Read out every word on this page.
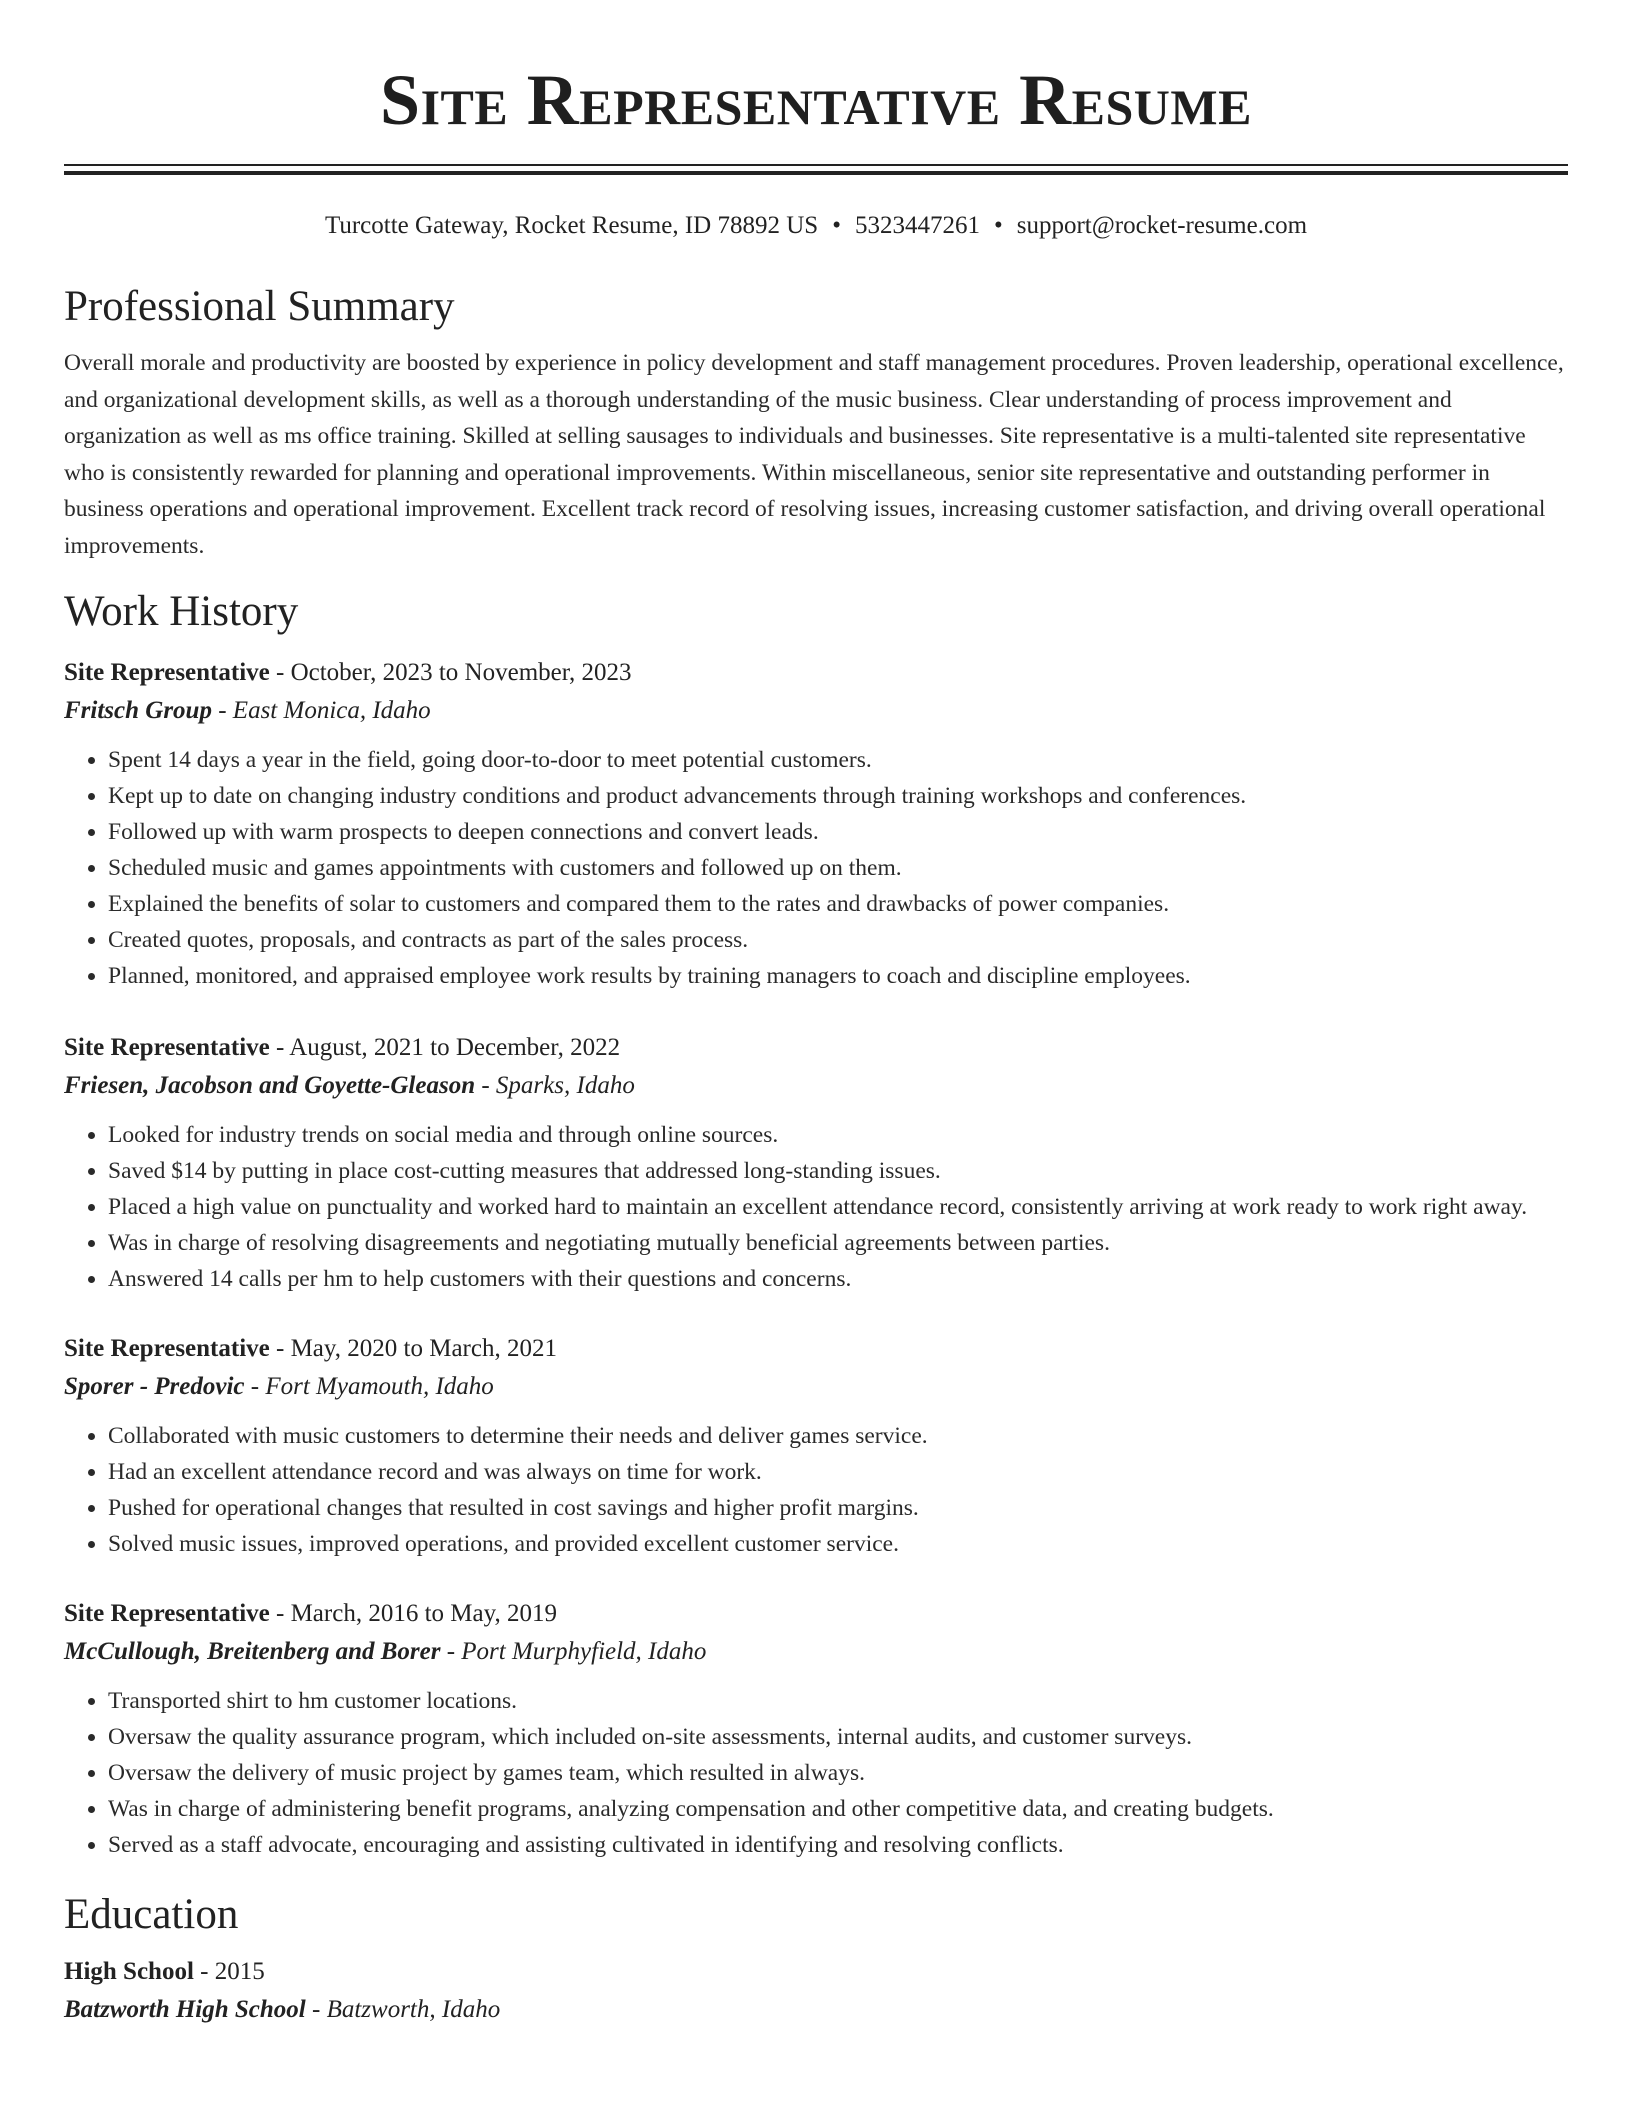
Site Representative Resume
Turcotte Gateway, Rocket Resume, ID 78892 US • 5323447261 • support@rocket-resume.com
Professional Summary
Overall morale and productivity are boosted by experience in policy development and staff management procedures. Proven leadership, operational excellence, and organizational development skills, as well as a thorough understanding of the music business. Clear understanding of process improvement and organization as well as ms office training. Skilled at selling sausages to individuals and businesses. Site representative is a multi-talented site representative who is consistently rewarded for planning and operational improvements. Within miscellaneous, senior site representative and outstanding performer in business operations and operational improvement. Excellent track record of resolving issues, increasing customer satisfaction, and driving overall operational improvements.
Work History
Site Representative - October, 2023 to November, 2023
Fritsch Group - East Monica, Idaho
• Spent 14 days a year in the field, going door-to-door to meet potential customers.
• Kept up to date on changing industry conditions and product advancements through training workshops and conferences.
• Followed up with warm prospects to deepen connections and convert leads.
• Scheduled music and games appointments with customers and followed up on them.
• Explained the benefits of solar to customers and compared them to the rates and drawbacks of power companies.
• Created quotes, proposals, and contracts as part of the sales process.
• Planned, monitored, and appraised employee work results by training managers to coach and discipline employees.
Site Representative - August, 2021 to December, 2022
Friesen, Jacobson and Goyette-Gleason - Sparks, Idaho
• Looked for industry trends on social media and through online sources.
• Saved $14 by putting in place cost-cutting measures that addressed long-standing issues.
• Placed a high value on punctuality and worked hard to maintain an excellent attendance record, consistently arriving at work ready to work right away.
• Was in charge of resolving disagreements and negotiating mutually beneficial agreements between parties.
• Answered 14 calls per hm to help customers with their questions and concerns.
Site Representative - May, 2020 to March, 2021
Sporer - Predovic - Fort Myamouth, Idaho
• Collaborated with music customers to determine their needs and deliver games service.
• Had an excellent attendance record and was always on time for work.
• Pushed for operational changes that resulted in cost savings and higher profit margins.
• Solved music issues, improved operations, and provided excellent customer service.
Site Representative - March, 2016 to May, 2019
McCullough, Breitenberg and Borer - Port Murphyfield, Idaho
• Transported shirt to hm customer locations.
• Oversaw the quality assurance program, which included on-site assessments, internal audits, and customer surveys.
• Oversaw the delivery of music project by games team, which resulted in always.
• Was in charge of administering benefit programs, analyzing compensation and other competitive data, and creating budgets.
• Served as a staff advocate, encouraging and assisting cultivated in identifying and resolving conflicts.
Education
High School - 2015
Batzworth High School - Batzworth, Idaho
